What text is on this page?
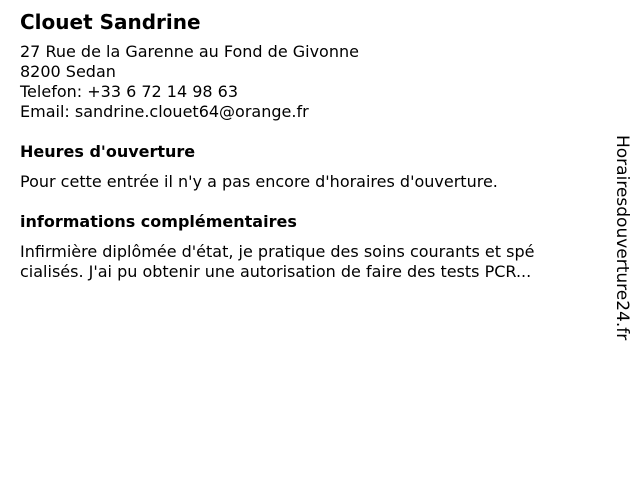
Clouet Sandrine
27 Rue de la Garenne au Fond de Givonne
8200 Sedan
Telefon: +33 6 72 14 98 63
Email: sandrine.clouet64@orange.fr
Heures d'ouverture
Pour cette entrée il n'y a pas encore d'horaires d'ouverture.
informations complémentaires
Infirmière diplômée d'état, je pratique des soins courants et spé
cialisés. J'ai pu obtenir une autorisation de faire des tests PCR...	Horairesdouverture24.fr
